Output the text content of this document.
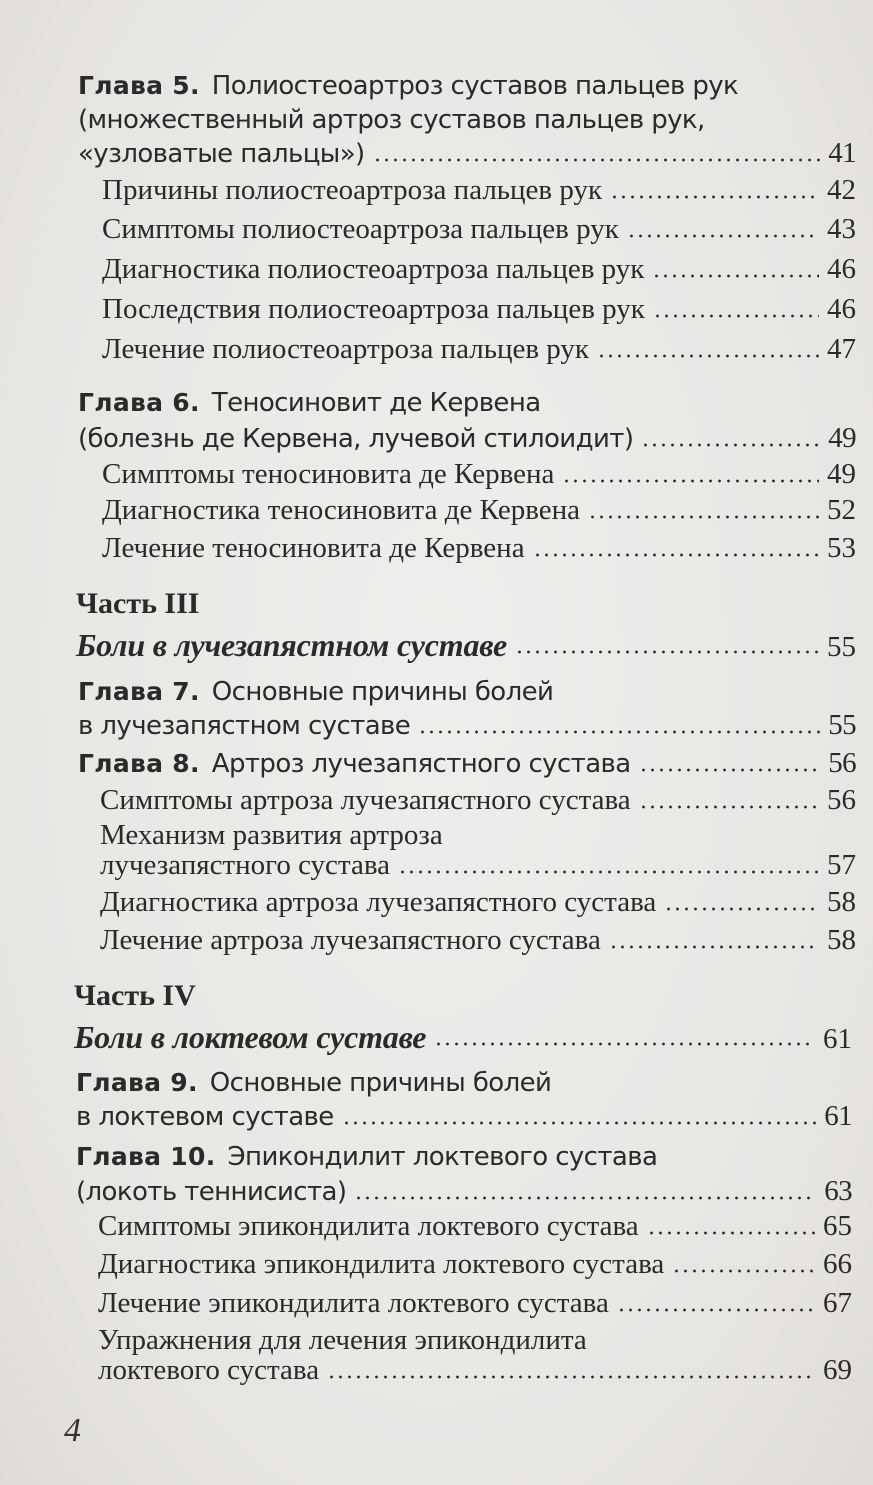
Глава 5. Полиостеоартроз суставов пальцев рук
(множественный артроз суставов пальцев рук,
«узловатые пальцы»)	41
Причины полиостеоартроза пальцев рук	42
Симптомы полиостеоартроза пальцев рук	43
Диагностика полиостеоартроза пальцев рук	46
Последствия полиостеоартроза пальцев рук	46
Лечение полиостеоартроза пальцев рук	47
Глава 6. Теносиновит де Кервена
(болезнь де Кервена, лучевой стилоидит)	49
Симптомы теносиновита де Кервена	49
Диагностика теносиновита де Кервена	52
Лечение теносиновита де Кервена	53
Часть III
Боли в лучезапястном суставе	55
Глава 7. Основные причины болей
в лучезапястном суставе	55
Глава 8. Артроз лучезапястного сустава	56
Симптомы артроза лучезапястного сустава	56
Механизм развития артроза
лучезапястного сустава	57
Диагностика артроза лучезапястного сустава	58
Лечение артроза лучезапястного сустава	58
Часть IV
Боли в локтевом суставе	61
Глава 9. Основные причины болей
в локтевом суставе	61
Глава 10. Эпикондилит локтевого сустава
(локоть теннисиста)	63
Симптомы эпикондилита локтевого сустава	65
Диагностика эпикондилита локтевого сустава	66
Лечение эпикондилита локтевого сустава	67
Упражнения для лечения эпикондилита
локтевого сустава	69
4
